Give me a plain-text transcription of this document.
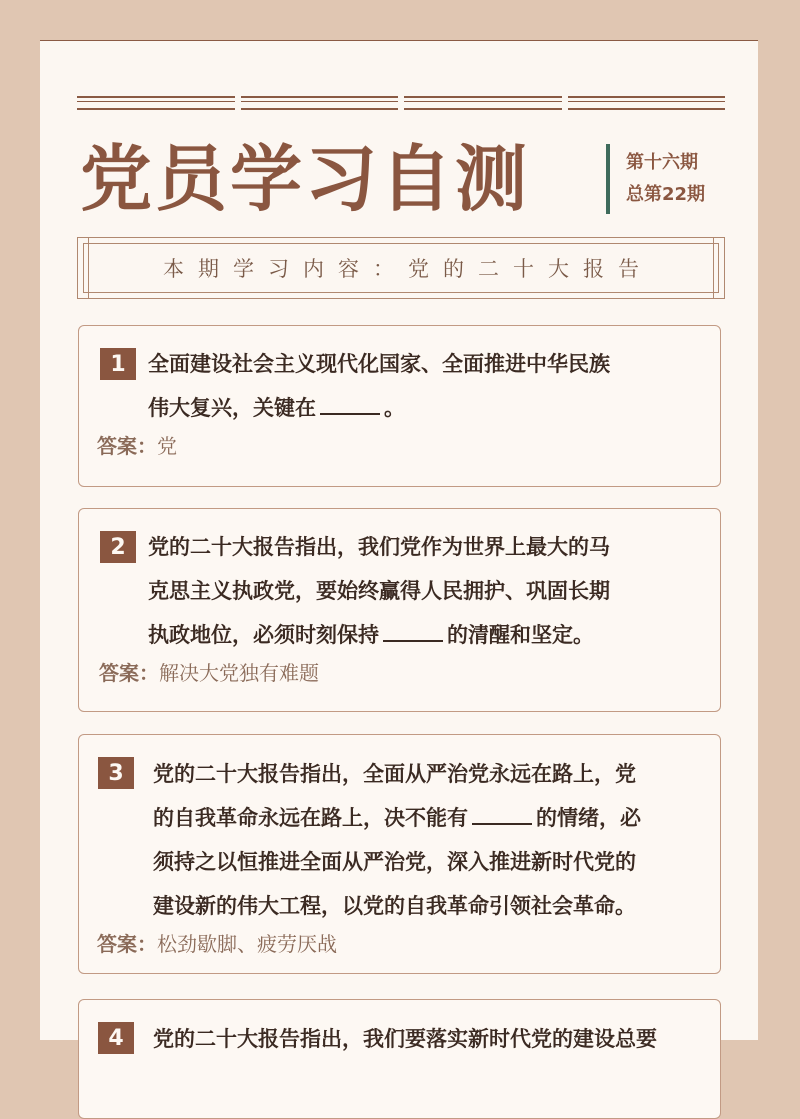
党员学习自测	第十六期
总第22期
本期学习内容：党的二十大报告
1	全面建设社会主义现代化国家、全面推进中华民族
伟大复兴，关键在	。
答案：党
2	党的二十大报告指出，我们党作为世界上最大的马
克思主义执政党，要始终赢得人民拥护、巩固长期
执政地位，必须时刻保持	的清醒和坚定。
答案：解决大党独有难题
3	党的二十大报告指出，全面从严治党永远在路上，党
的自我革命永远在路上，决不能有	的情绪，必
须持之以恒推进全面从严治党，深入推进新时代党的
建设新的伟大工程，以党的自我革命引领社会革命。
答案：松劲歇脚、疲劳厌战
4	党的二十大报告指出，我们要落实新时代党的建设总要
